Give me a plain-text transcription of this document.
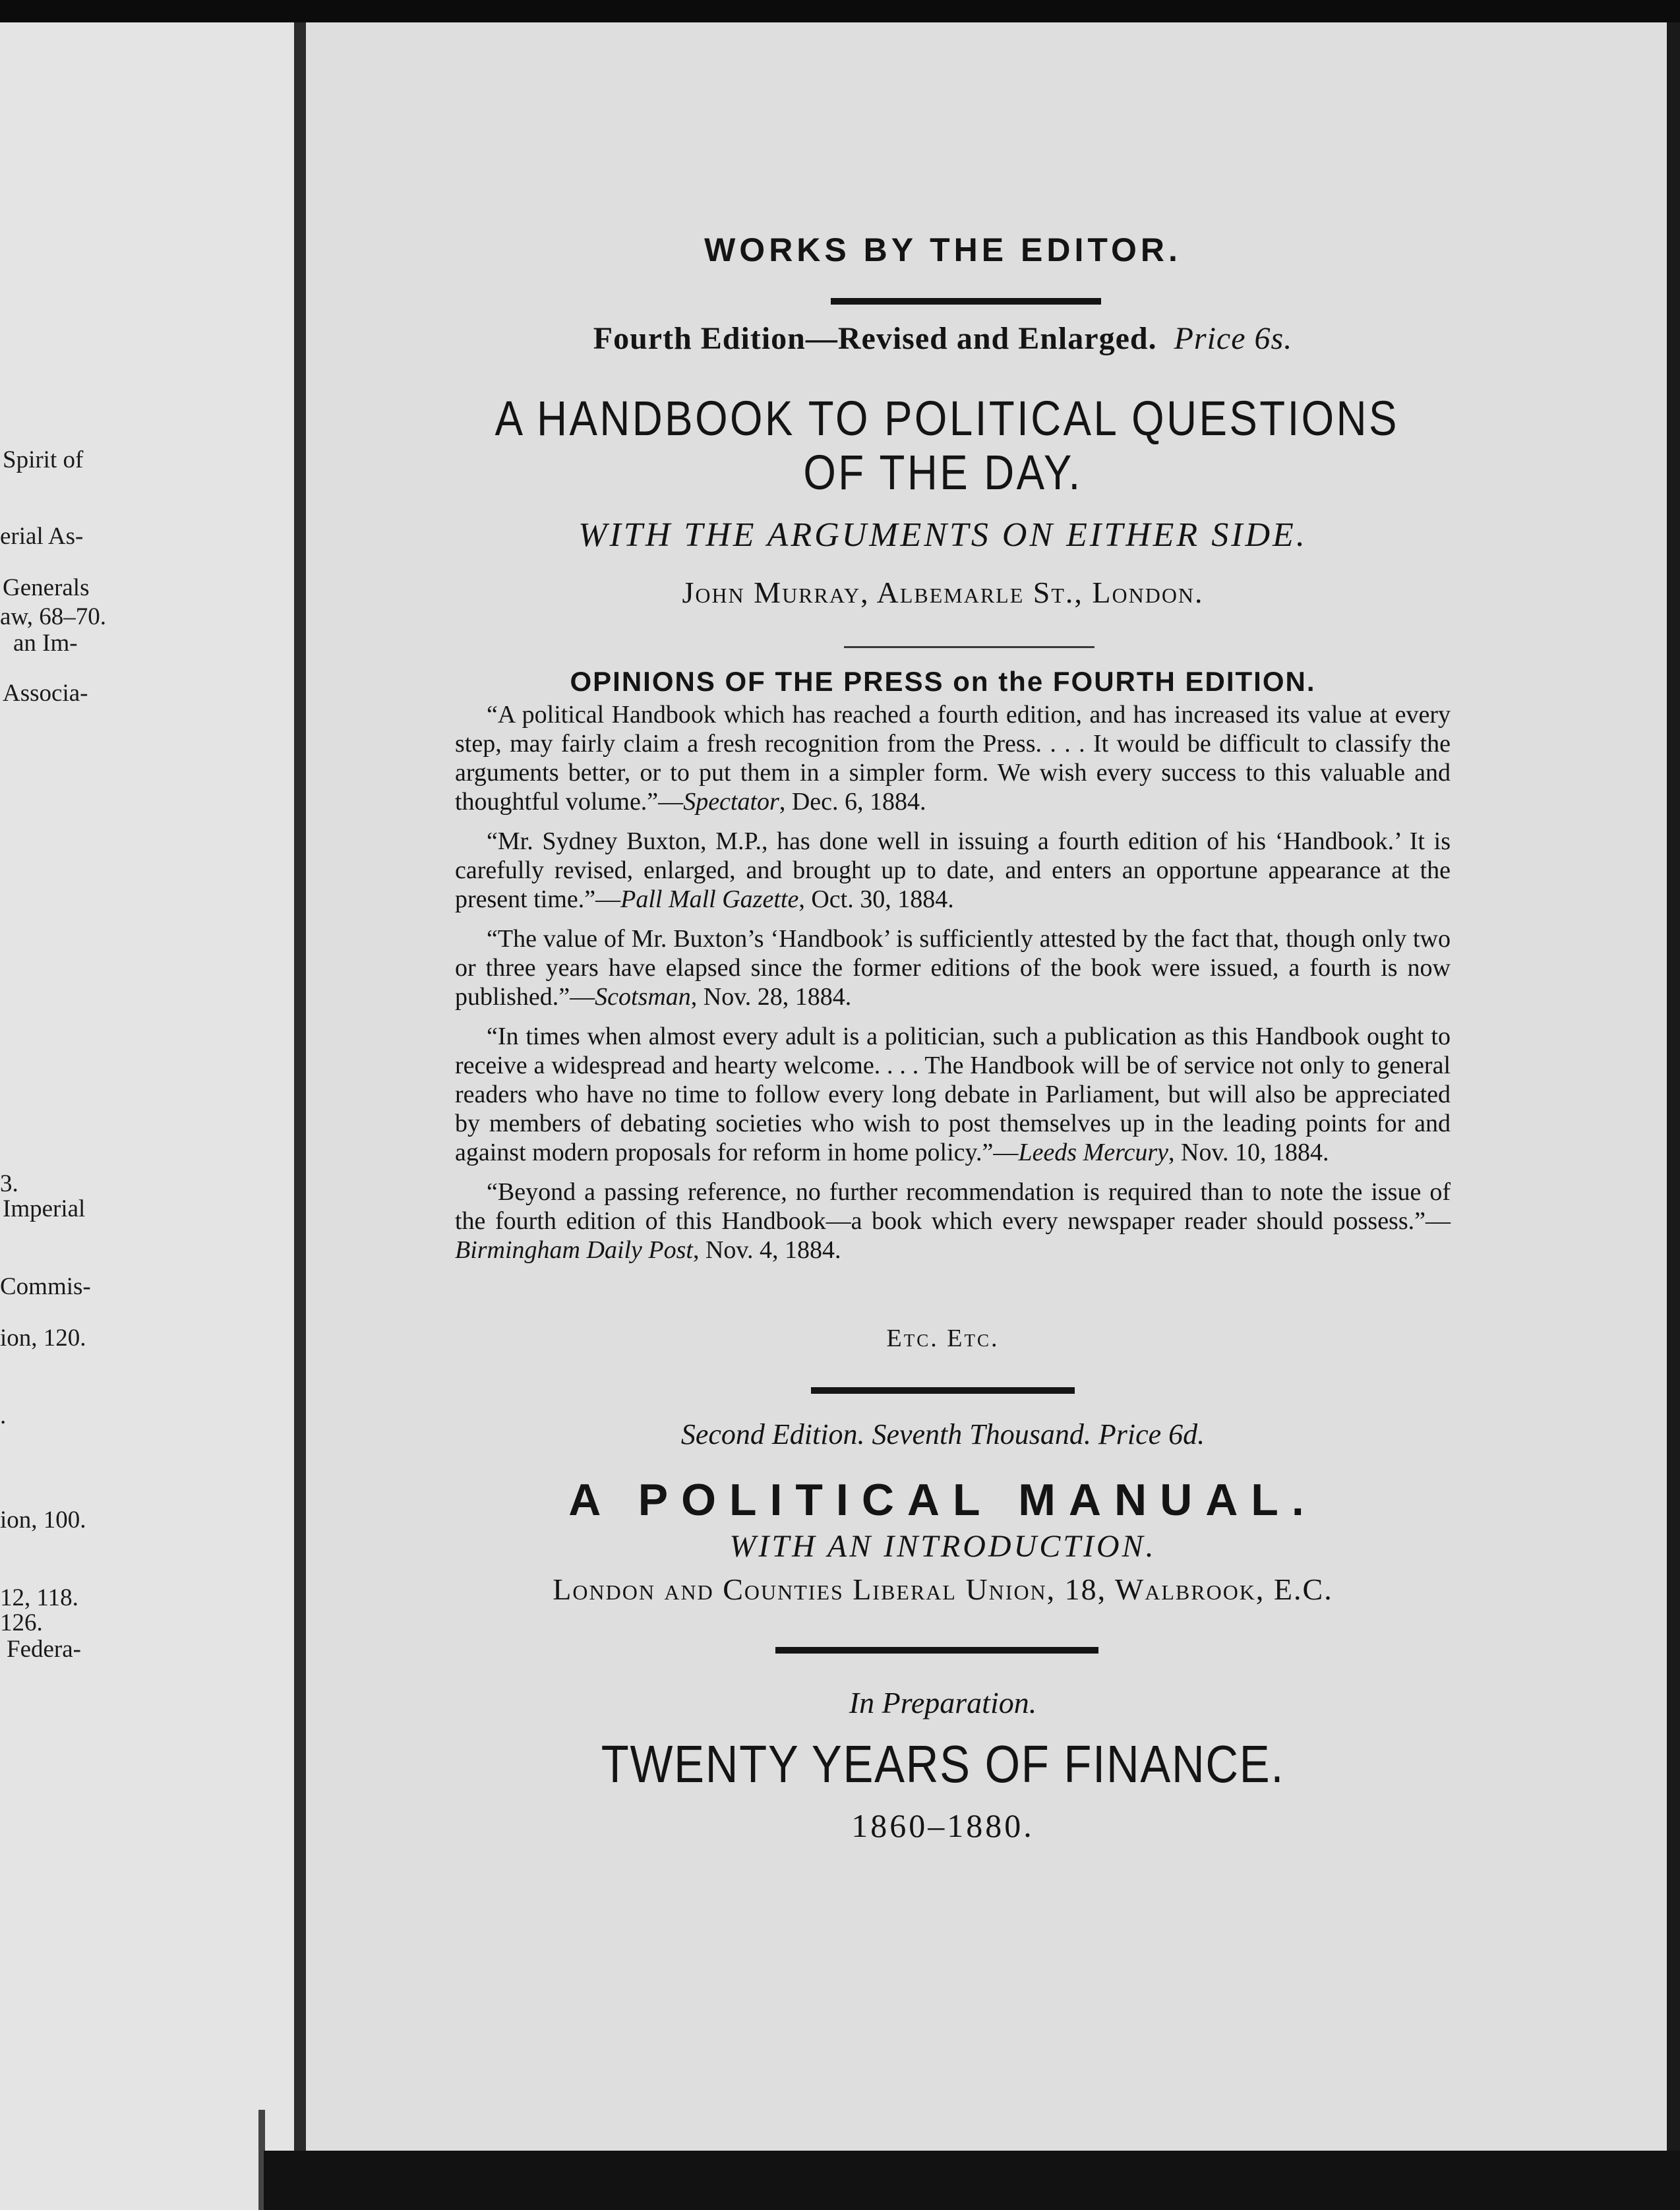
Spirit of
erial As-
Generals
aw, 68–70.
an Im-
Associa-
3.
Imperial
Commis-
ion, 120.
.
ion, 100.
12, 118.
126.
Federa-
WORKS BY THE EDITOR.
Fourth Edition—Revised and Enlarged. Price 6s.
A HANDBOOK TO POLITICAL QUESTIONS
OF THE DAY.
WITH THE ARGUMENTS ON EITHER SIDE.
John Murray, Albemarle St., London.
OPINIONS OF THE PRESS on the FOURTH EDITION.

“A political Handbook which has reached a fourth edition, and has increased its value at every step, may fairly claim a fresh recognition from the Press. . . . It would be difficult to classify the arguments better, or to put them in a simpler form. We wish every success to this valuable and thoughtful volume.”—Spectator, Dec. 6, 1884.

“Mr. Sydney Buxton, M.P., has done well in issuing a fourth edition of his ‘Handbook.’ It is carefully revised, enlarged, and brought up to date, and enters an opportune appearance at the present time.”—Pall Mall Gazette, Oct. 30, 1884.

“The value of Mr. Buxton’s ‘Handbook’ is sufficiently attested by the fact that, though only two or three years have elapsed since the former editions of the book were issued, a fourth is now published.”—Scotsman, Nov. 28, 1884.

“In times when almost every adult is a politician, such a publication as this Handbook ought to receive a widespread and hearty welcome. . . . The Handbook will be of service not only to general readers who have no time to follow every long debate in Parliament, but will also be appreciated by members of debating societies who wish to post themselves up in the leading points for and against modern proposals for reform in home policy.”—Leeds Mercury, Nov. 10, 1884.

“Beyond a passing reference, no further recommendation is required than to note the issue of the fourth edition of this Handbook—a book which every newspaper reader should possess.”—Birmingham Daily Post, Nov. 4, 1884.

Etc. Etc.
Second Edition. Seventh Thousand. Price 6d.
A POLITICAL MANUAL.
WITH AN INTRODUCTION.
London and Counties Liberal Union, 18, Walbrook, E.C.
In Preparation.
TWENTY YEARS OF FINANCE.
1860–1880.
